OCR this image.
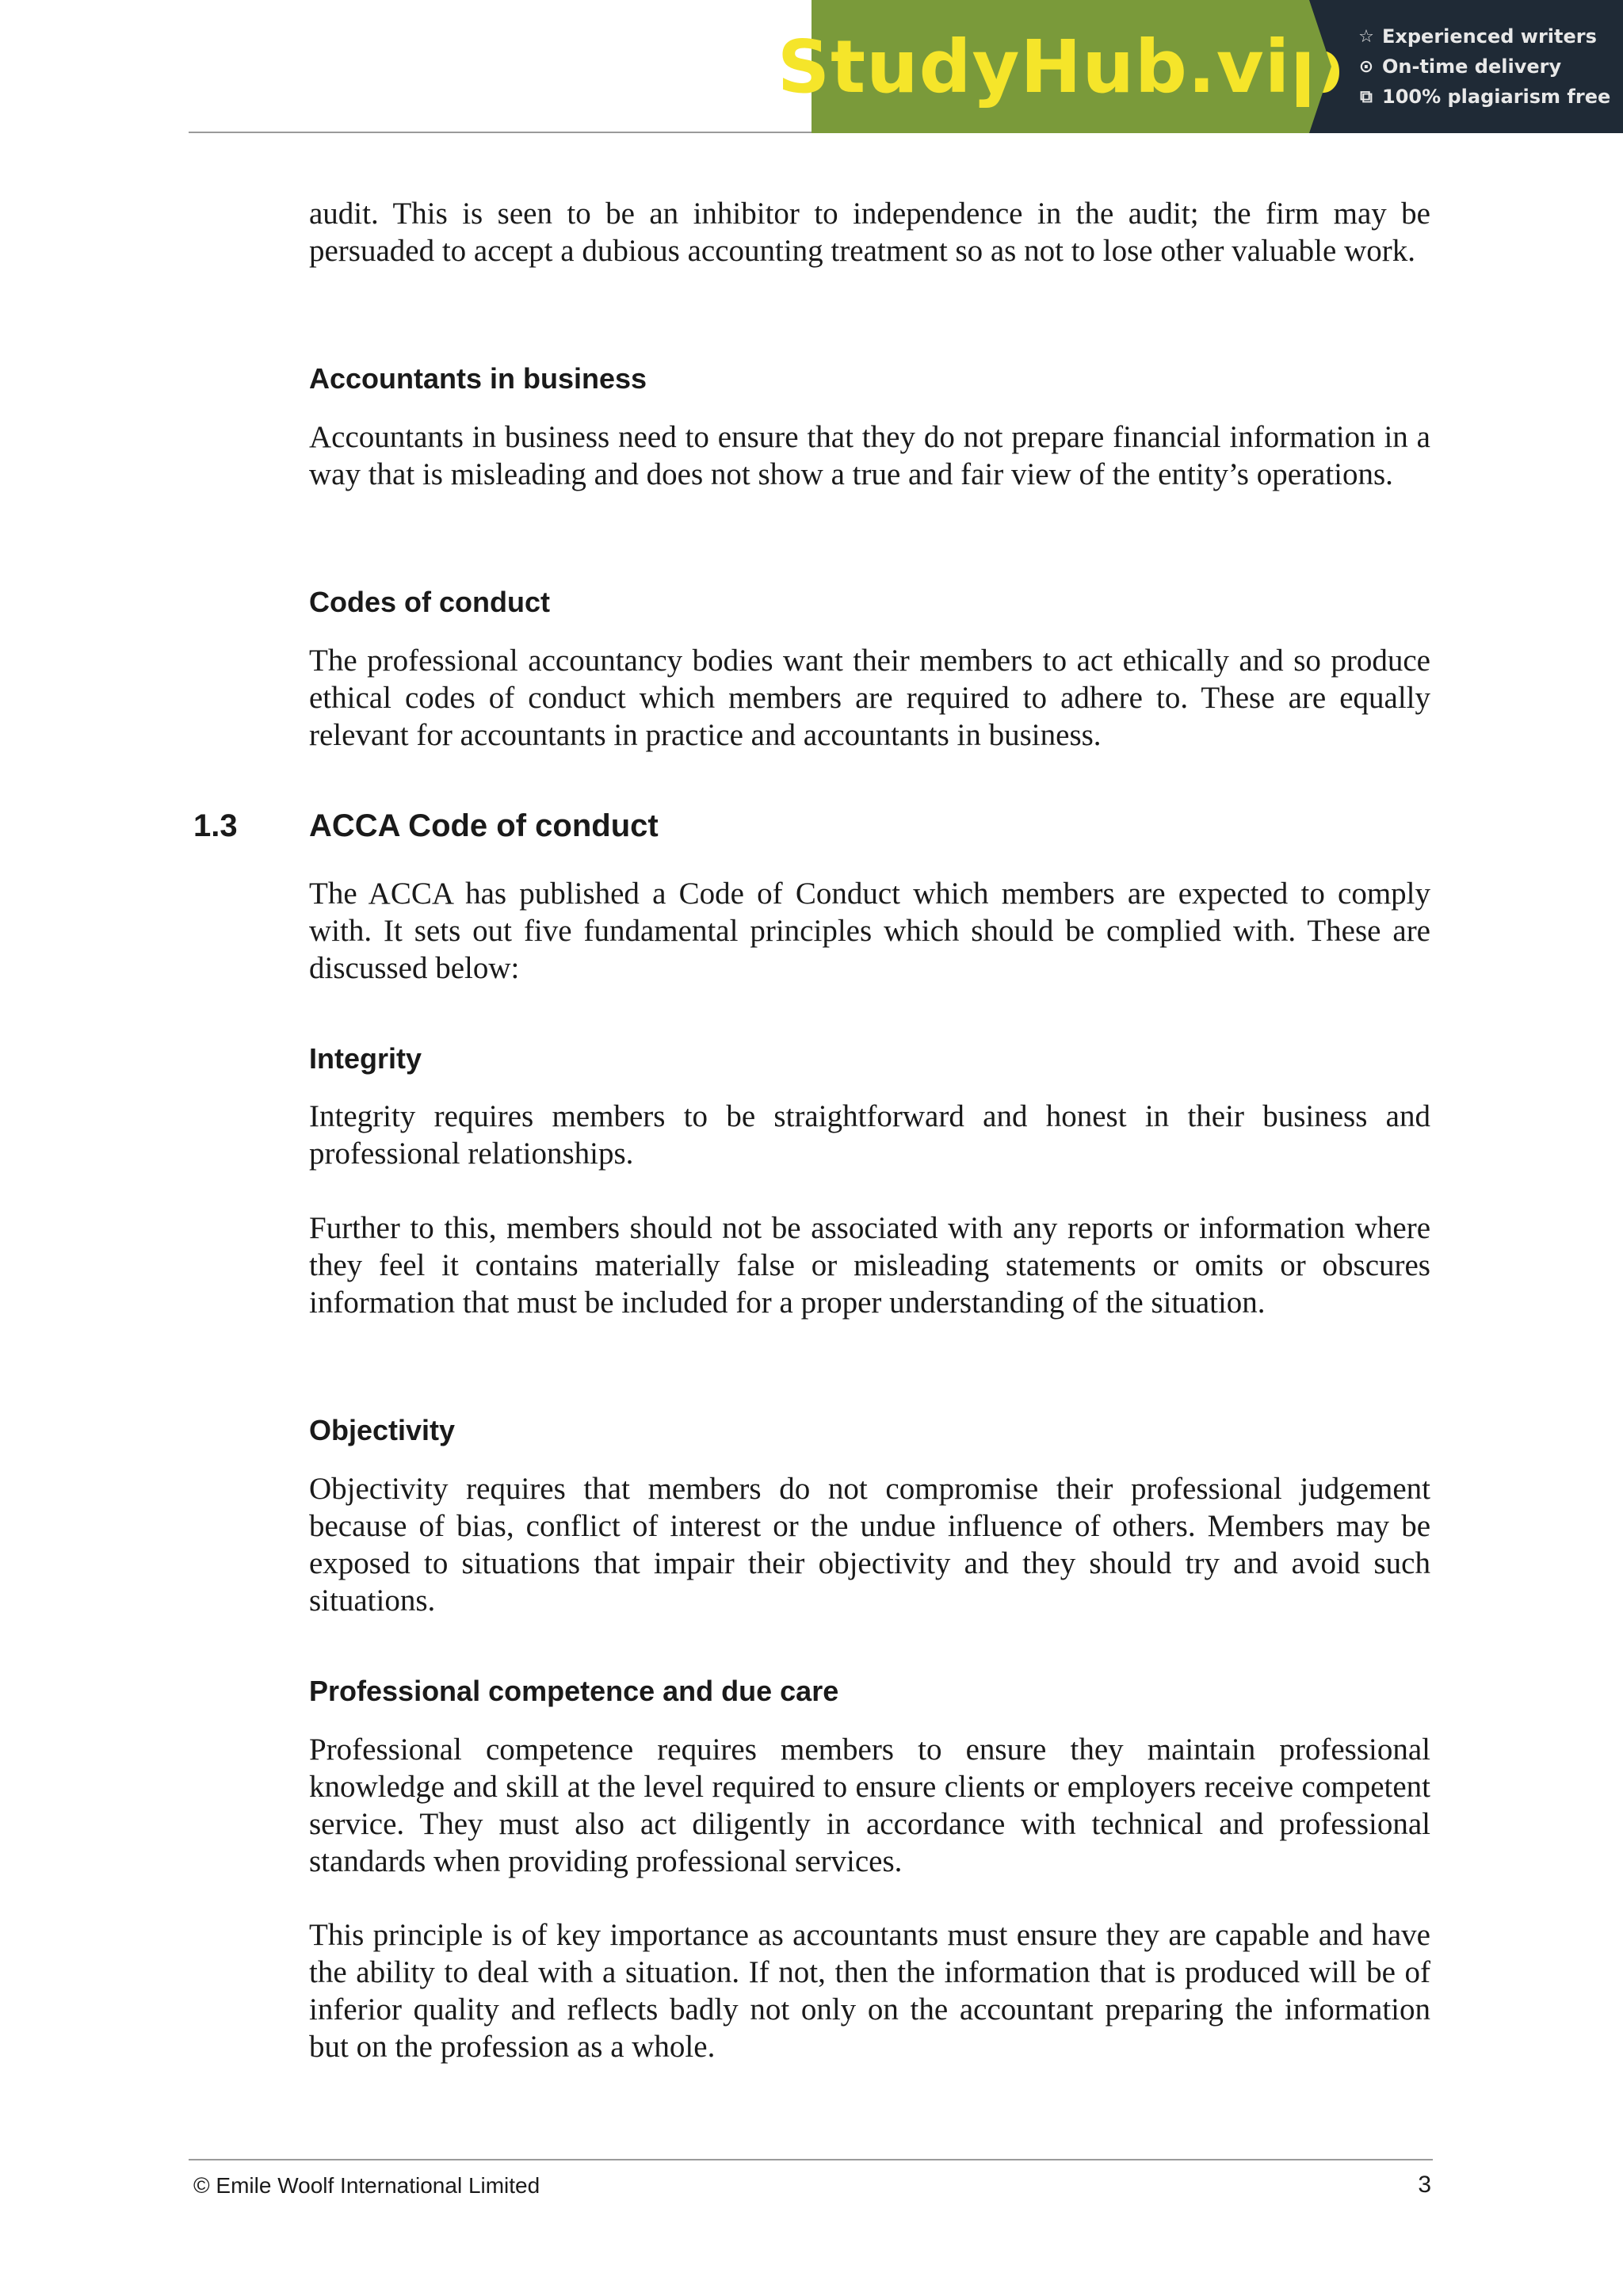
StudyHub.vip ☆ Experienced writers
⊙ On-time delivery
⧉ 100% plagiarism free

audit. This is seen to be an inhibitor to independence in the audit; the firm may be persuaded to accept a dubious accounting treatment so as not to lose other valuable work.

Accountants in business

Accountants in business need to ensure that they do not prepare financial information in a way that is misleading and does not show a true and fair view of the entity’s operations.

Codes of conduct

The professional accountancy bodies want their members to act ethically and so produce ethical codes of conduct which members are required to adhere to. These are equally relevant for accountants in practice and accountants in business.

1.3 ACCA Code of conduct

The ACCA has published a Code of Conduct which members are expected to comply with. It sets out five fundamental principles which should be complied with. These are discussed below:

Integrity

Integrity requires members to be straightforward and honest in their business and professional relationships.

Further to this, members should not be associated with any reports or information where they feel it contains materially false or misleading statements or omits or obscures information that must be included for a proper understanding of the situation.

Objectivity

Objectivity requires that members do not compromise their professional judgement because of bias, conflict of interest or the undue influence of others. Members may be exposed to situations that impair their objectivity and they should try and avoid such situations.

Professional competence and due care

Professional competence requires members to ensure they maintain professional knowledge and skill at the level required to ensure clients or employers receive competent service. They must also act diligently in accordance with technical and professional standards when providing professional services.

This principle is of key importance as accountants must ensure they are capable and have the ability to deal with a situation. If not, then the information that is produced will be of inferior quality and reflects badly not only on the accountant preparing the information but on the profession as a whole.

© Emile Woolf International Limited	3
